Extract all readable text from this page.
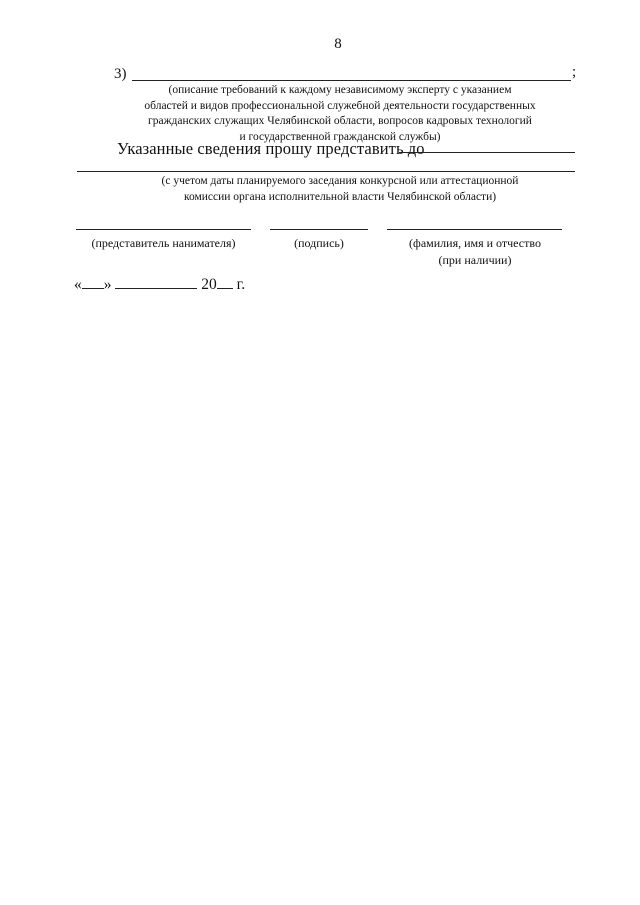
8
3)	;
(описание требований к каждому независимому эксперту с указанием
областей и видов профессиональной служебной деятельности государственных
гражданских служащих Челябинской области, вопросов кадровых технологий
и государственной гражданской службы)
Указанные сведения прошу представить до
(с учетом даты планируемого заседания конкурсной или аттестационной
комиссии органа исполнительной власти Челябинской области)
(представитель нанимателя)	(подпись)	(фамилия, имя и отчество
(при наличии)
« »	20 г.
